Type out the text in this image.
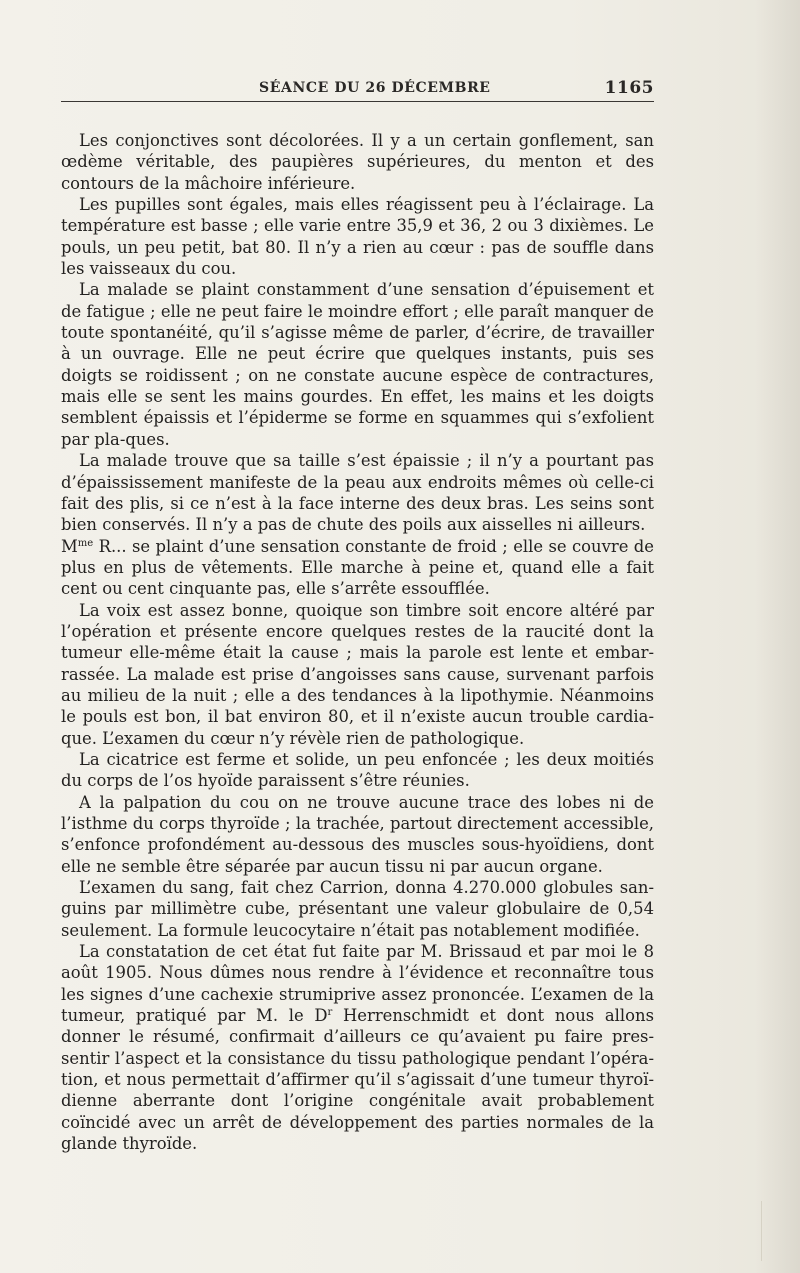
SÉANCE DU 26 DÉCEMBRE	1165

Les conjonctives sont décolorées. Il y a un certain gonflement, san œdème véritable, des paupières supérieures, du menton et des contours de la mâchoire inférieure.

Les pupilles sont égales, mais elles réagissent peu à l’éclairage. La température est basse ; elle varie entre 35,9 et 36, 2 ou 3 dixièmes. Le pouls, un peu petit, bat 80. Il n’y a rien au cœur : pas de souffle dans les vaisseaux du cou.

La malade se plaint constamment d’une sensation d’épuisement et de fatigue ; elle ne peut faire le moindre effort ; elle paraît manquer de toute spontanéité, qu’il s’agisse même de parler, d’écrire, de travailler à un ouvrage. Elle ne peut écrire que quelques instants, puis ses doigts se roidissent ; on ne constate aucune espèce de contractures, mais elle se sent les mains gourdes. En effet, les mains et les doigts semblent épaissis et l’épiderme se forme en squammes qui s’exfolient par pla-ques.

La malade trouve que sa taille s’est épaissie ; il n’y a pourtant pas d’épaississement manifeste de la peau aux endroits mêmes où celle-ci fait des plis, si ce n’est à la face interne des deux bras. Les seins sont bien conservés. Il n’y a pas de chute des poils aux aisselles ni ailleurs.

$M^{me}$ R... se plaint d’une sensation constante de froid ; elle se couvre de plus en plus de vêtements. Elle marche à peine et, quand elle a fait cent ou cent cinquante pas, elle s’arrête essoufflée.

La voix est assez bonne, quoique son timbre soit encore altéré par l’opération et présente encore quelques restes de la raucité dont la tumeur elle-même était la cause ; mais la parole est lente et embar-rassée. La malade est prise d’angoisses sans cause, survenant parfois au milieu de la nuit ; elle a des tendances à la lipothymie. Néanmoins le pouls est bon, il bat environ 80, et il n’existe aucun trouble cardia-que. L’examen du cœur n’y révèle rien de pathologique.

La cicatrice est ferme et solide, un peu enfoncée ; les deux moitiés du corps de l’os hyoïde paraissent s’être réunies.

A la palpation du cou on ne trouve aucune trace des lobes ni de l’isthme du corps thyroïde ; la trachée, partout directement accessible, s’enfonce profondément au-dessous des muscles sous-hyoïdiens, dont elle ne semble être séparée par aucun tissu ni par aucun organe.

L’examen du sang, fait chez Carrion, donna 4.270.000 globules san-guins par millimètre cube, présentant une valeur globulaire de 0,54 seulement. La formule leucocytaire n’était pas notablement modifiée.

La constatation de cet état fut faite par M. Brissaud et par moi le 8 août 1905. Nous dûmes nous rendre à l’évidence et reconnaître tous les signes d’une cachexie strumiprive assez prononcée. L’examen de la tumeur, pratiqué par M. le $D^r$ Herrenschmidt et dont nous allons donner le résumé, confirmait d’ailleurs ce qu’avaient pu faire pres-sentir l’aspect et la consistance du tissu pathologique pendant l’opéra-tion, et nous permettait d’affirmer qu’il s’agissait d’une tumeur thyroï-dienne aberrante dont l’origine congénitale avait probablement coïncidé avec un arrêt de développement des parties normales de la glande thyroïde.
